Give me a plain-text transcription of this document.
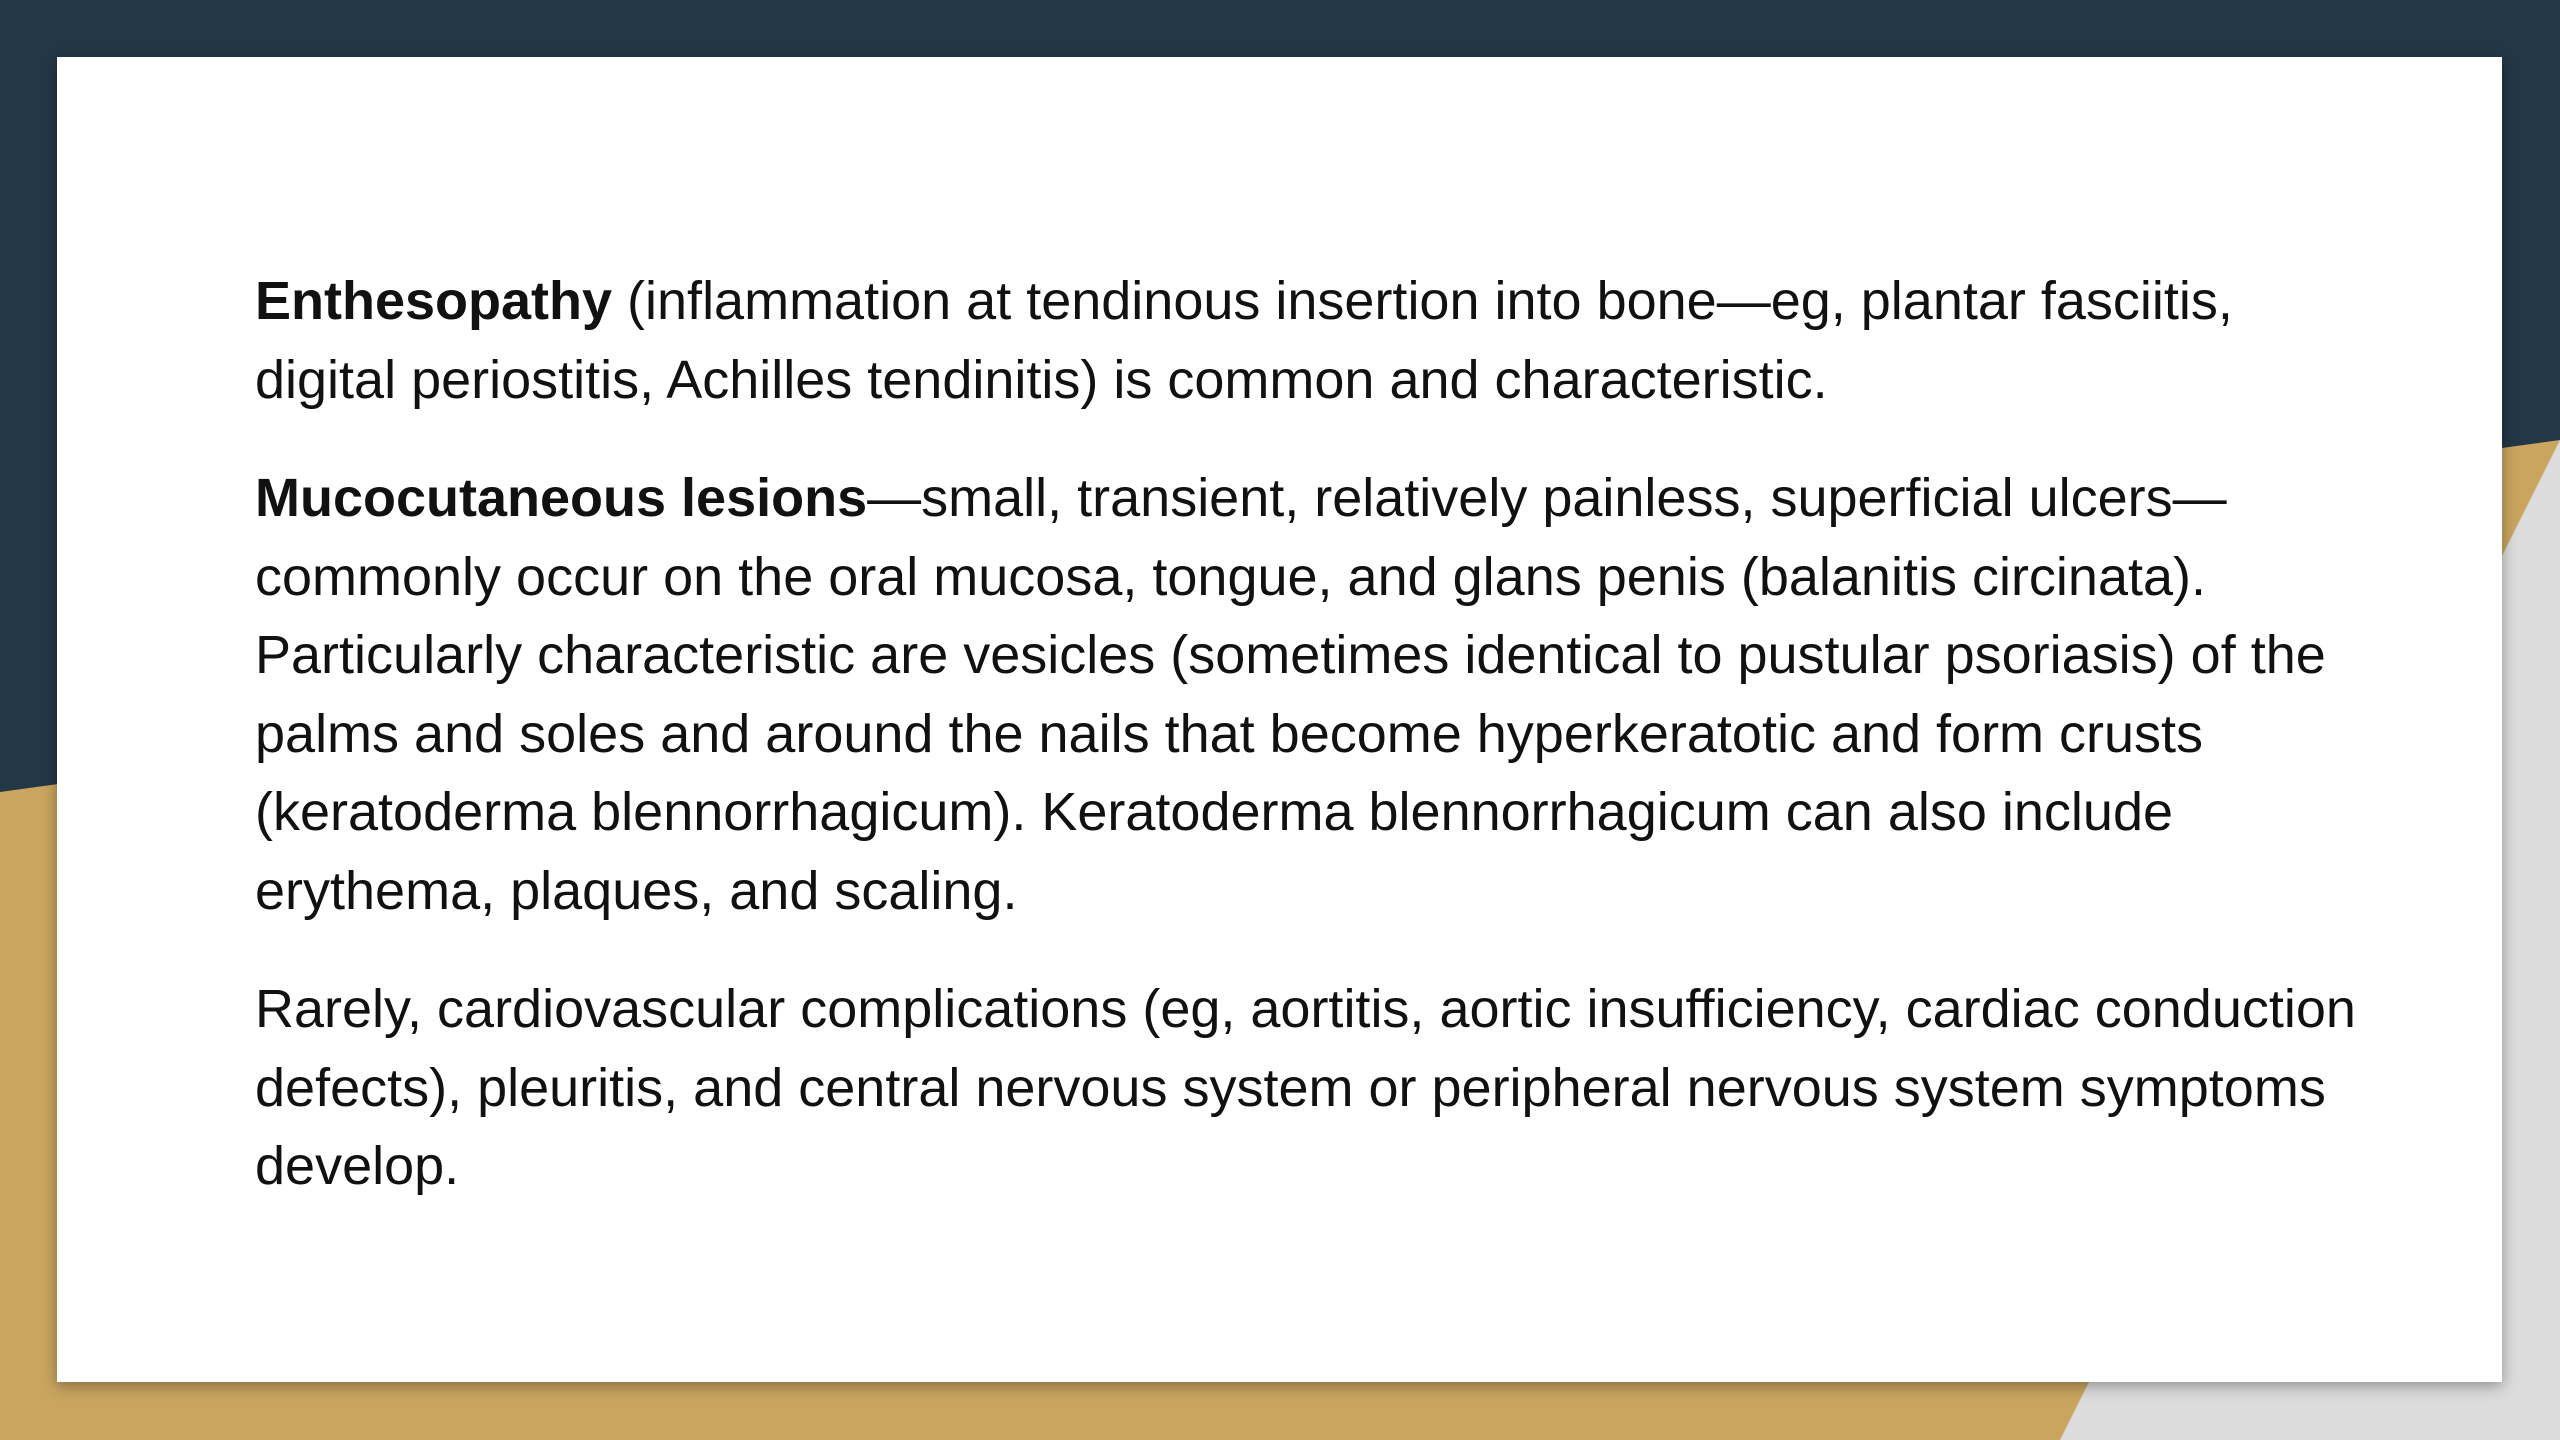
Enthesopathy (inflammation at tendinous insertion into bone—eg, plantar fasciitis, digital periostitis, Achilles tendinitis) is common and characteristic.

Mucocutaneous lesions—small, transient, relatively painless, superficial ulcers—commonly occur on the oral mucosa, tongue, and glans penis (balanitis circinata). Particularly characteristic are vesicles (sometimes identical to pustular psoriasis) of the palms and soles and around the nails that become hyperkeratotic and form crusts (keratoderma blennorrhagicum). Keratoderma blennorrhagicum can also include erythema, plaques, and scaling.

Rarely, cardiovascular complications (eg, aortitis, aortic insufficiency, cardiac conduction defects), pleuritis, and central nervous system or peripheral nervous system symptoms develop.
